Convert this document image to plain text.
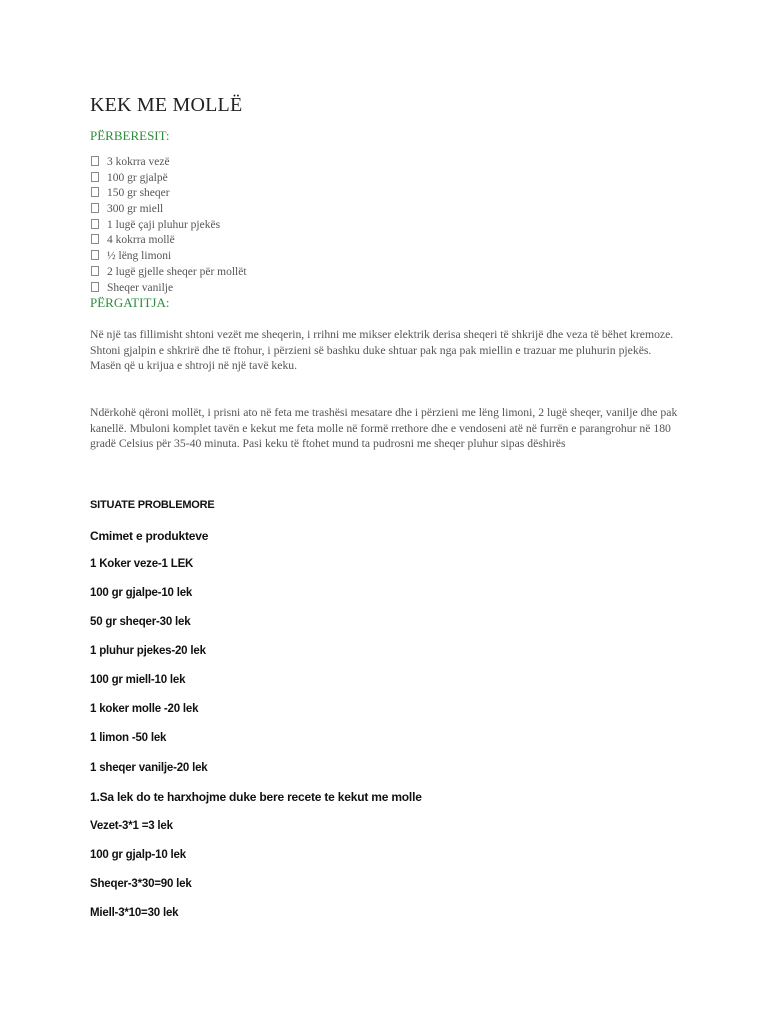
KEK ME MOLLË

PËRBERESIT:

3 kokrra vezë
100 gr gjalpë
150 gr sheqer
300 gr miell
1 lugë çaji pluhur pjekës
4 kokrra mollë
½ lëng limoni
2 lugë gjelle sheqer për mollët
Sheqer vanilje

PËRGATITJA:

Në një tas fillimisht shtoni vezët me sheqerin, i rrihni me mikser elektrik derisa sheqeri të shkrijë dhe veza të bëhet kremoze. Shtoni gjalpin e shkrirë dhe të ftohur, i përzieni së bashku duke shtuar pak nga pak miellin e trazuar me pluhurin pjekës. Masën që u krijua e shtroji në një tavë keku.

Ndërkohë qëroni mollët, i prisni ato në feta me trashësi mesatare dhe i përzieni me lëng limoni, 2 lugë sheqer, vanilje dhe pak kanellë. Mbuloni komplet tavën e kekut me feta molle në formë rrethore dhe e vendoseni atë në furrën e parangrohur në 180 gradë Celsius për 35-40 minuta. Pasi keku të ftohet mund ta pudrosni me sheqer pluhur sipas dëshirës

SITUATE PROBLEMORE

Cmimet e produkteve

1 Koker veze-1 LEK

100 gr gjalpe-10 lek

50 gr sheqer-30 lek

1 pluhur pjekes-20 lek

100 gr miell-10 lek

1 koker molle -20 lek

1 limon -50 lek

1 sheqer vanilje-20 lek

1.Sa lek do te harxhojme duke bere recete te kekut me molle

Vezet-3*1 =3 lek

100 gr gjalp-10 lek

Sheqer-3*30=90 lek

Miell-3*10=30 lek
